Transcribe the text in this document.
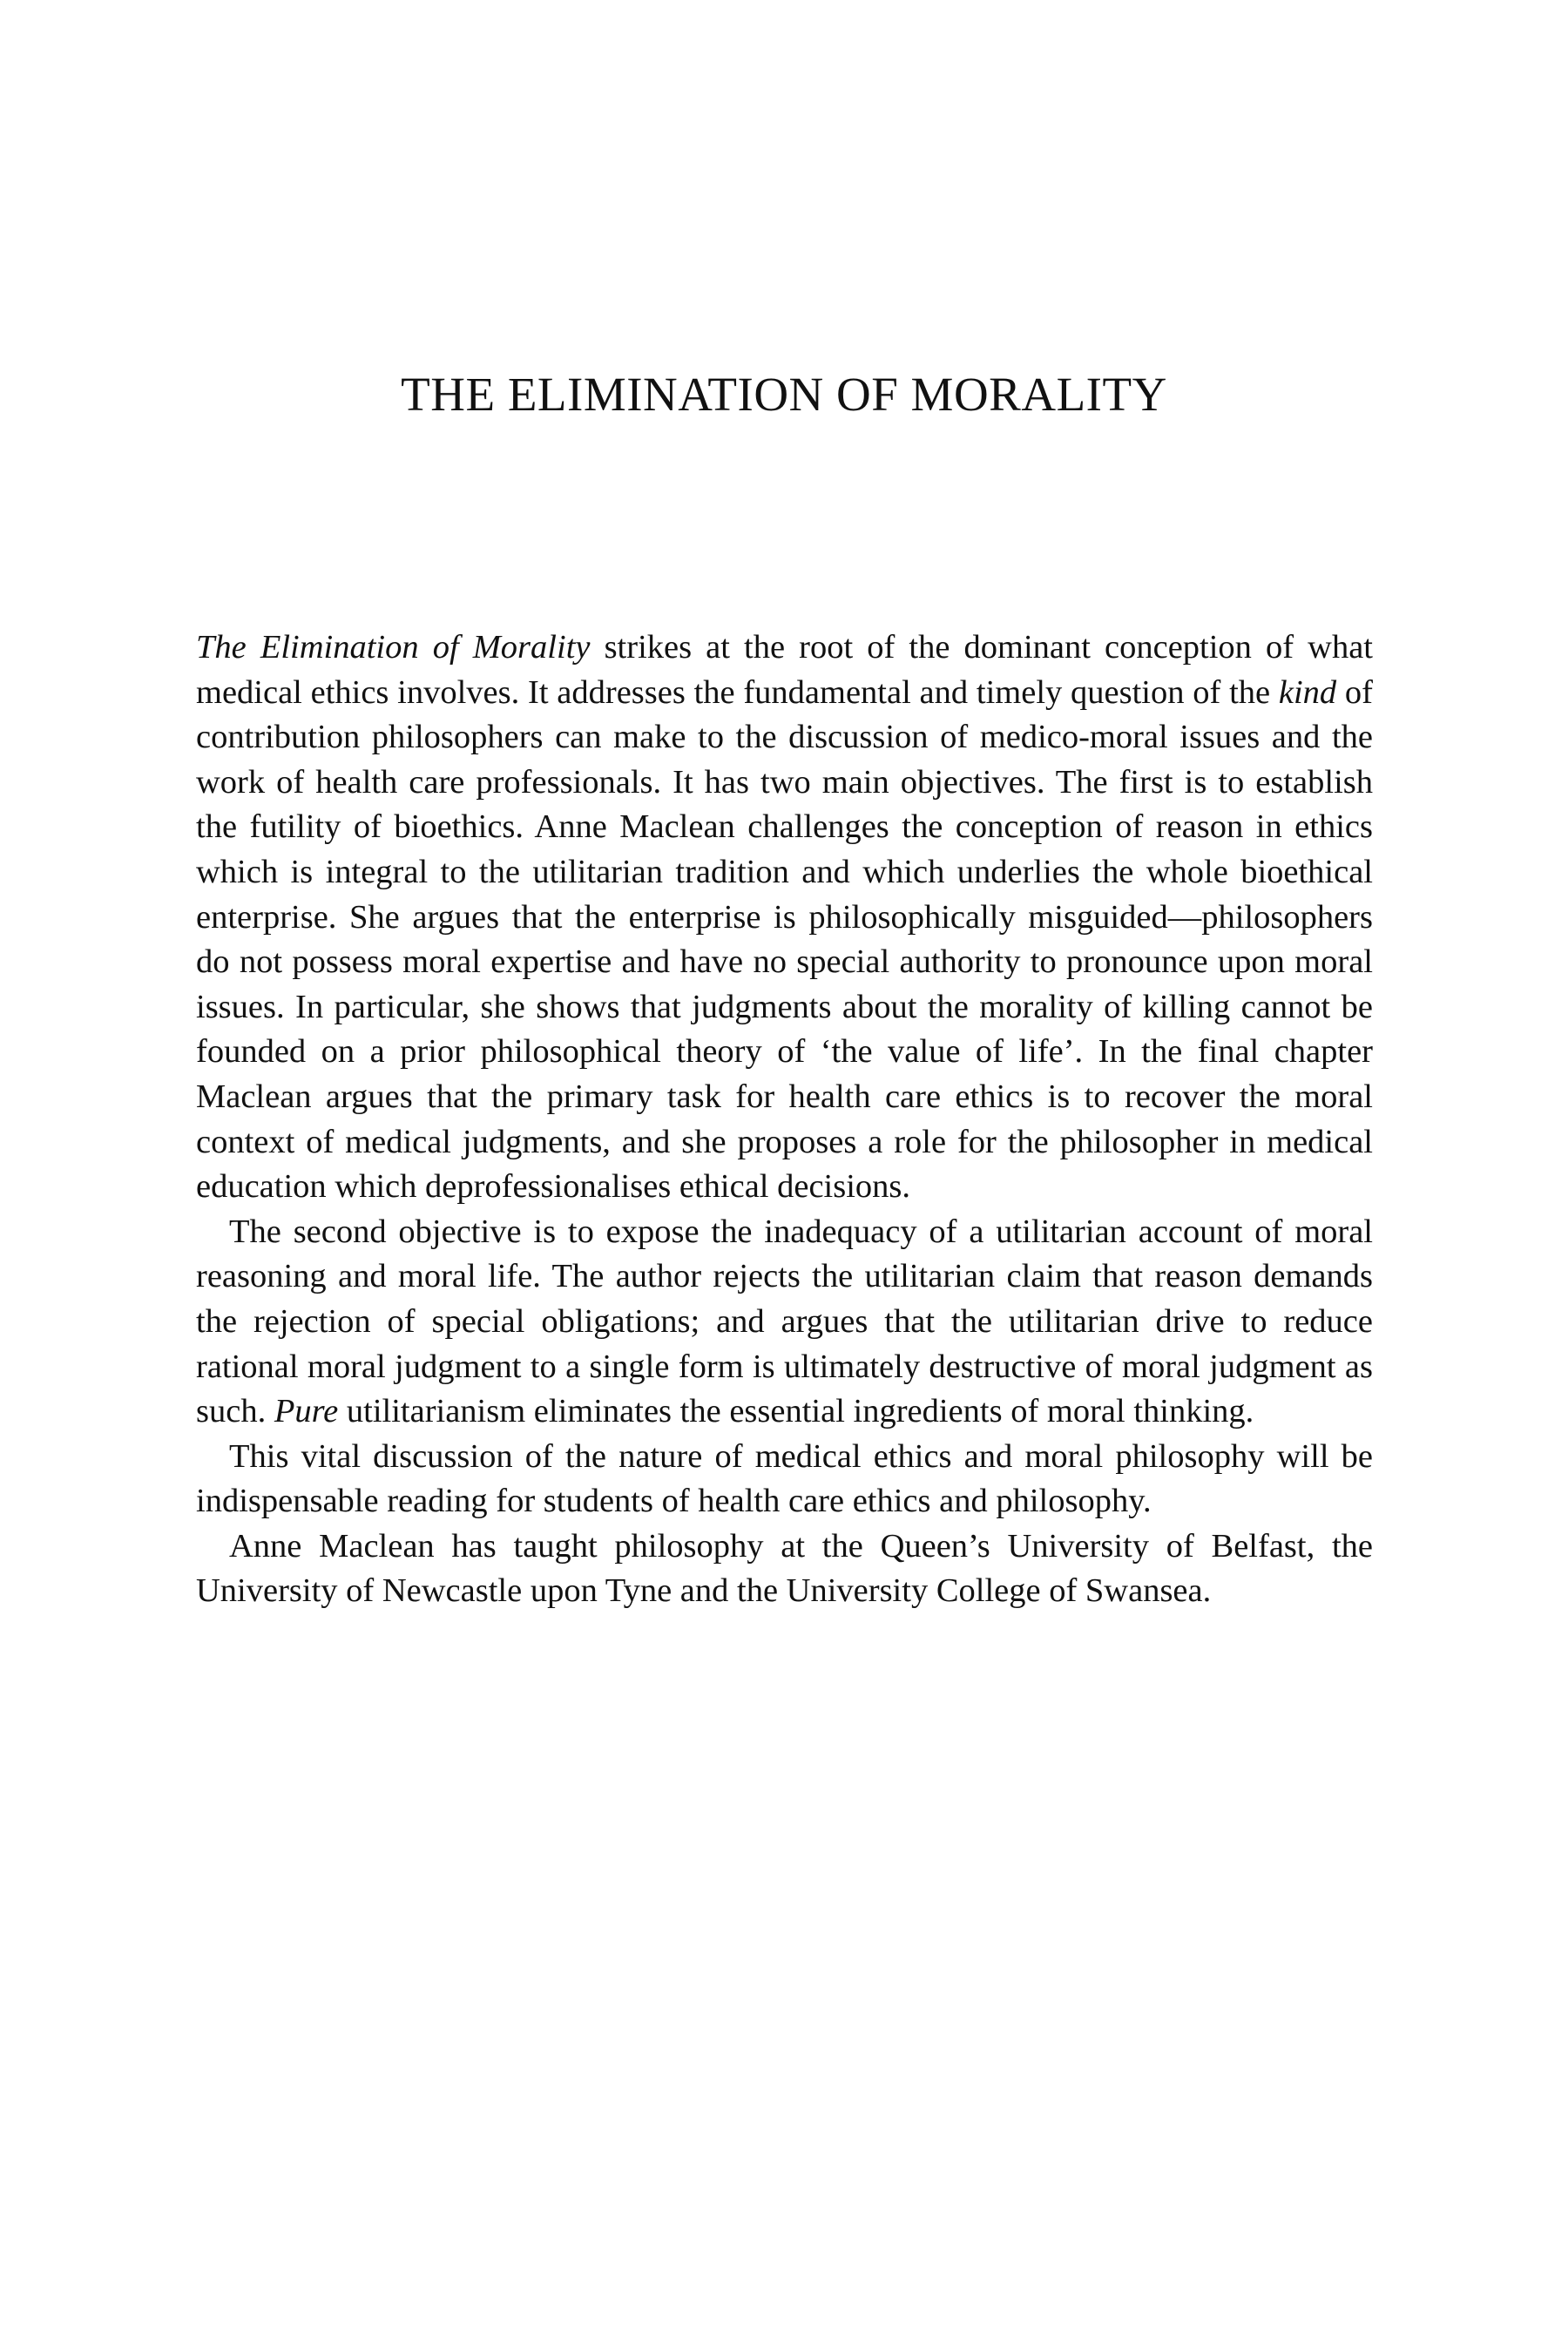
THE ELIMINATION OF MORALITY

The Elimination of Morality strikes at the root of the dominant conception of what medical ethics involves. It addresses the fundamental and timely question of the kind of contribution philosophers can make to the discussion of medico-moral issues and the work of health care professionals. It has two main objectives. The first is to establish the futility of bioethics. Anne Maclean challenges the conception of reason in ethics which is integral to the utilitarian tradition and which underlies the whole bioethical enterprise. She argues that the enterprise is philosophically misguided—philosophers do not possess moral expertise and have no special authority to pronounce upon moral issues. In particular, she shows that judgments about the morality of killing cannot be founded on a prior philosophical theory of ‘the value of life’. In the final chapter Maclean argues that the primary task for health care ethics is to recover the moral context of medical judgments, and she proposes a role for the philosopher in medical education which deprofessionalises ethical decisions.

The second objective is to expose the inadequacy of a utilitarian account of moral reasoning and moral life. The author rejects the utilitarian claim that reason demands the rejection of special obligations; and argues that the utilitarian drive to reduce rational moral judgment to a single form is ultimately destructive of moral judgment as such. Pure utilitarianism eliminates the essential ingredients of moral thinking.

This vital discussion of the nature of medical ethics and moral philosophy will be indispensable reading for students of health care ethics and philosophy.

Anne Maclean has taught philosophy at the Queen’s University of Belfast, the University of Newcastle upon Tyne and the University College of Swansea.
